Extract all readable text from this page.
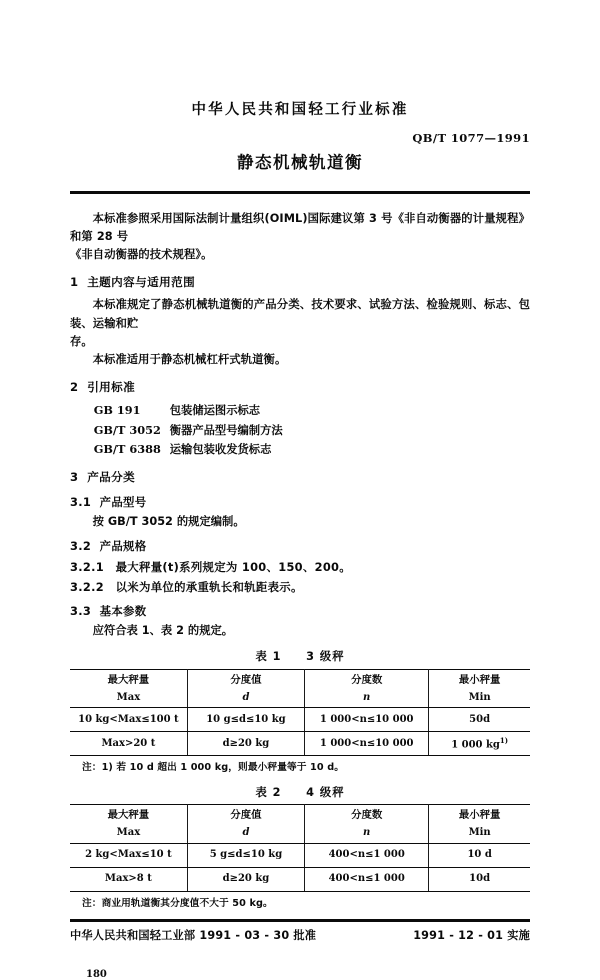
中华人民共和国轻工行业标准
QB/T 1077—1991
静态机械轨道衡

本标准参照采用国际法制计量组织(OIML)国际建议第 3 号《非自动衡器的计量规程》和第 28 号

《非自动衡器的技术规程》。

1 主题内容与适用范围

本标准规定了静态机械轨道衡的产品分类、技术要求、试验方法、检验规则、标志、包装、运输和贮

存。

本标准适用于静态机械杠杆式轨道衡。

2 引用标准
GB 191	包装储运图示标志
GB/T 3052 衡器产品型号编制方法
GB/T 6388 运输包装收发货标志
3 产品分类
3.1 产品型号
按 GB/T 3052 的规定编制。
3.2 产品规格
3.2.1　最大秤量(t)系列规定为 100、150、200。
3.2.2　以米为单位的承重轨长和轨距表示。
3.3 基本参数
应符合表 1、表 2 的规定。
表 1　　3 级秤
最大秤量	分度值	分度数	最小秤量
Max	d	n	Min
10 kg<Max≤100 t	10 g≤d≤10 kg	1 000<n≤10 000	50d
Max>20 t	d≥20 kg	1 000<n≤10 000	1 000 $kg^{1)}$
注：1) 若 10 d 超出 1 000 kg，则最小秤量等于 10 d。
表 2　　4 级秤
最大秤量	分度值	分度数	最小秤量
Max	d	n	Min
2 kg<Max≤10 t	5 g≤d≤10 kg	400<n≤1 000	10 d
Max>8 t	d≥20 kg	400<n≤1 000	10d
注：商业用轨道衡其分度值不大于 50 kg。
中华人民共和国轻工业部 1991 - 03 - 30 批准	1991 - 12 - 01 实施
180
